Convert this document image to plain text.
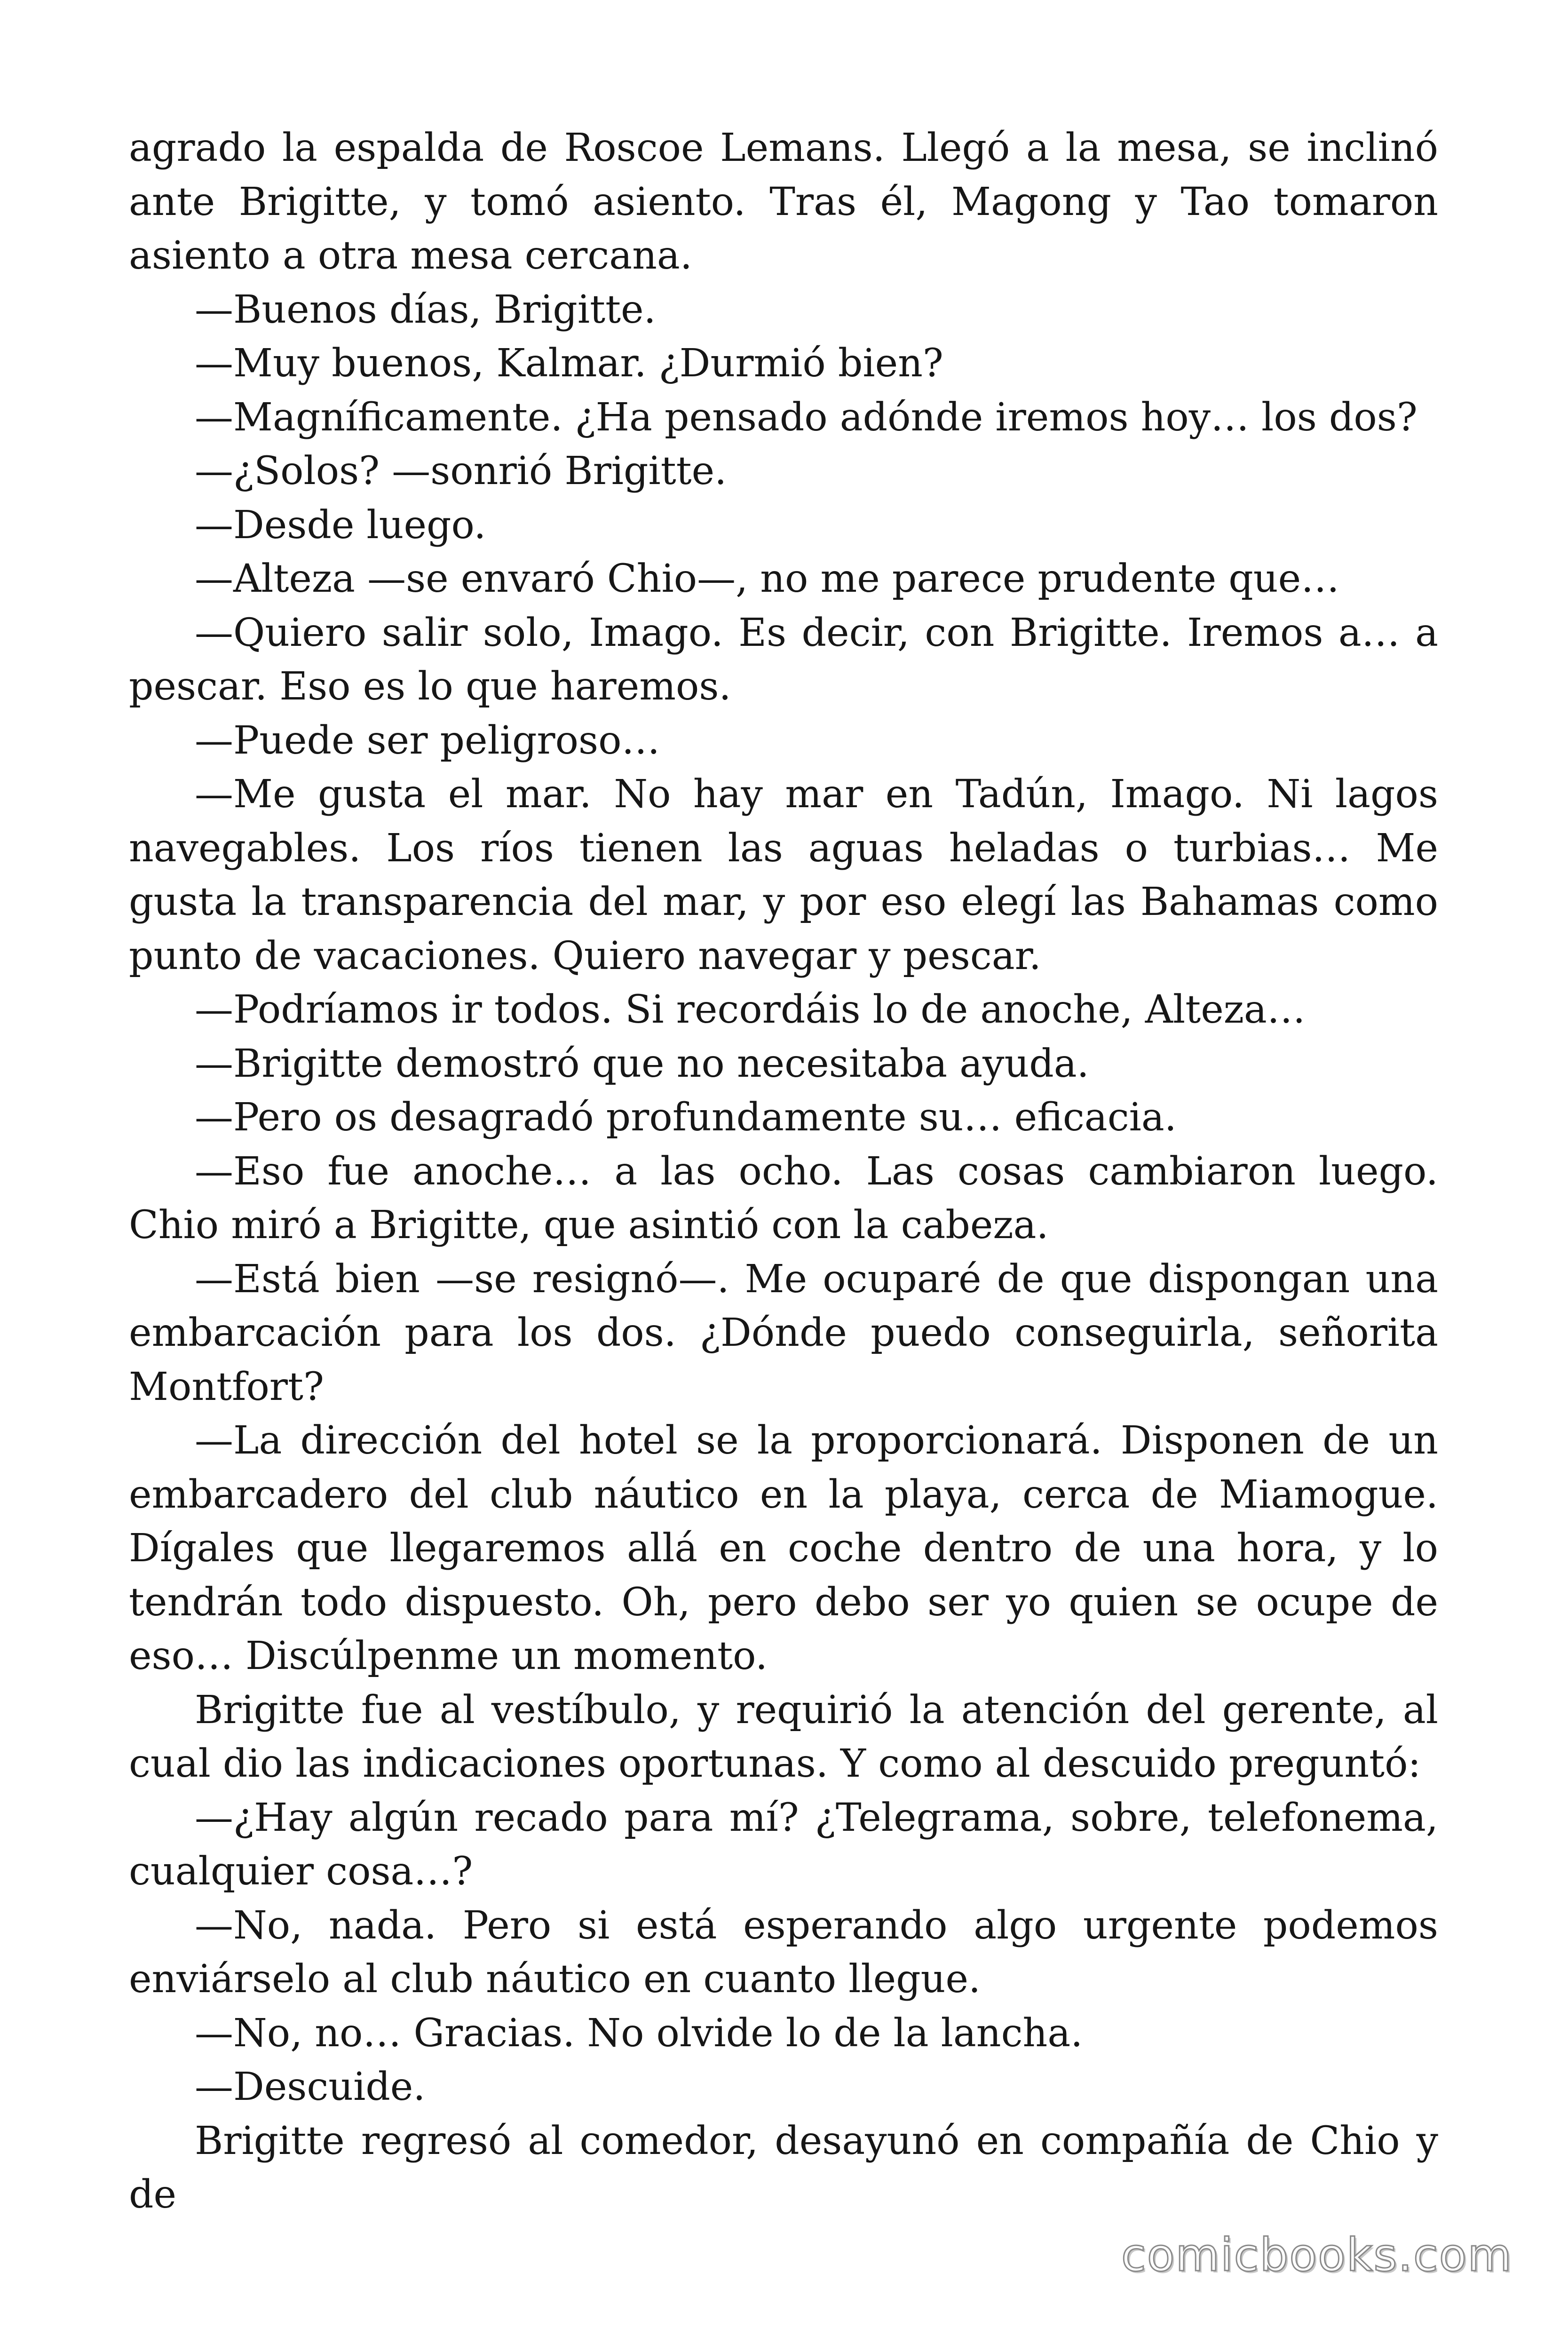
agrado la espalda de Roscoe Lemans. Llegó a la mesa, se inclinó ante Brigitte, y tomó asiento. Tras él, Magong y Tao tomaron asiento a otra mesa cercana.

—Buenos días, Brigitte.

—Muy buenos, Kalmar. ¿Durmió bien?

—Magníficamente. ¿Ha pensado adónde iremos hoy… los dos?

—¿Solos? —sonrió Brigitte.

—Desde luego.

—Alteza —se envaró Chio—, no me parece prudente que…

—Quiero salir solo, Imago. Es decir, con Brigitte. Iremos a… a pescar. Eso es lo que haremos.

—Puede ser peligroso…

—Me gusta el mar. No hay mar en Tadún, Imago. Ni lagos navegables. Los ríos tienen las aguas heladas o turbias… Me gusta la transparencia del mar, y por eso elegí las Bahamas como punto de vacaciones. Quiero navegar y pescar.

—Podríamos ir todos. Si recordáis lo de anoche, Alteza…

—Brigitte demostró que no necesitaba ayuda.

—Pero os desagradó profundamente su… eficacia.

—Eso fue anoche… a las ocho. Las cosas cambiaron luego. Chio miró a Brigitte, que asintió con la cabeza.

—Está bien —se resignó—. Me ocuparé de que dispongan una embarcación para los dos. ¿Dónde puedo conseguirla, señorita Montfort?

—La dirección del hotel se la proporcionará. Disponen de un embarcadero del club náutico en la playa, cerca de Miamogue. Dígales que llegaremos allá en coche dentro de una hora, y lo tendrán todo dispuesto. Oh, pero debo ser yo quien se ocupe de eso… Discúlpenme un momento.

Brigitte fue al vestíbulo, y requirió la atención del gerente, al cual dio las indicaciones oportunas. Y como al descuido preguntó:

—¿Hay algún recado para mí? ¿Telegrama, sobre, telefonema, cualquier cosa…?

—No, nada. Pero si está esperando algo urgente podemos enviárselo al club náutico en cuanto llegue.

—No, no… Gracias. No olvide lo de la lancha.

—Descuide.

Brigitte regresó al comedor, desayunó en compañía de Chio y de

comicbooks.com
